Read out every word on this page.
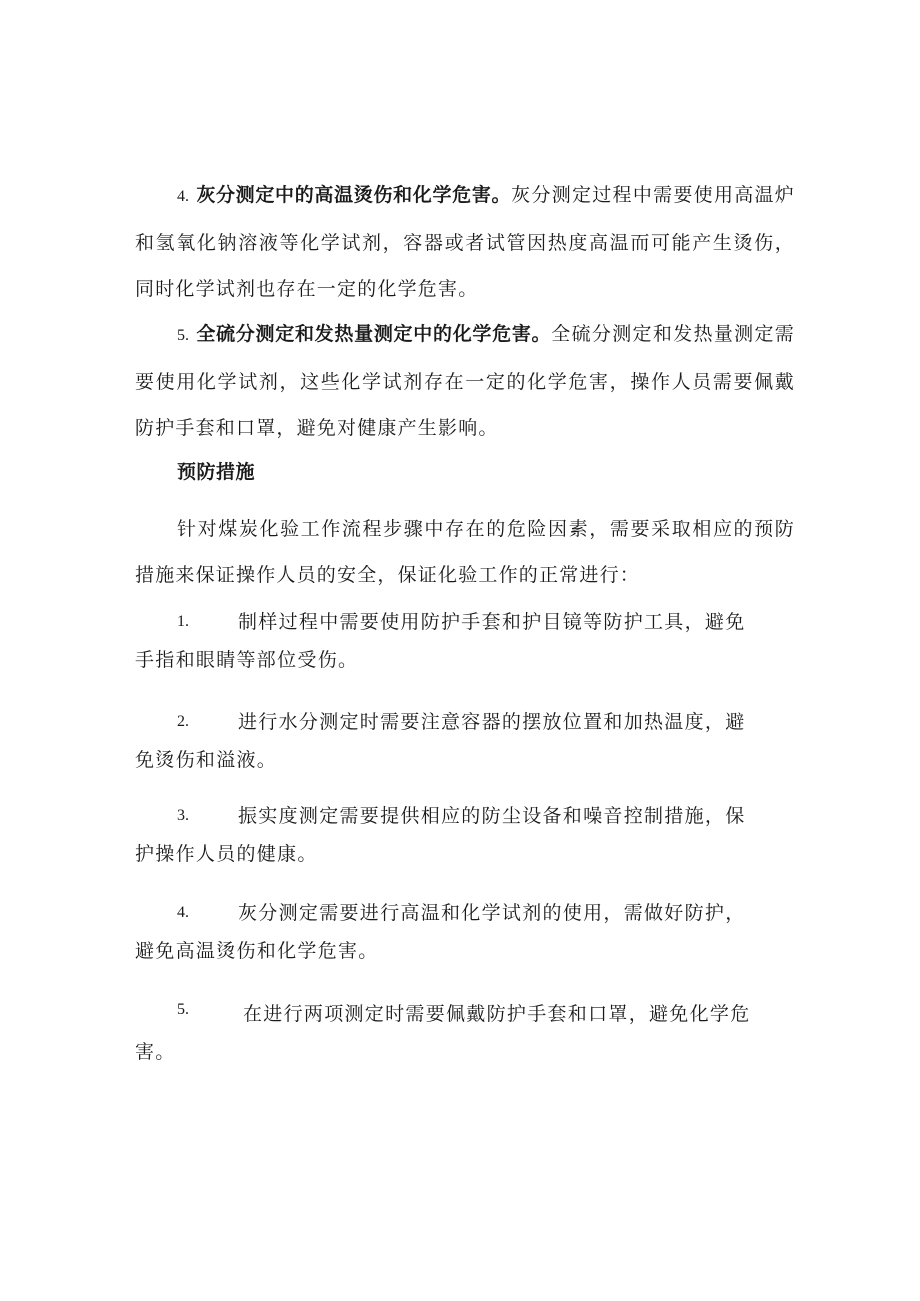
4. 灰分测定中的高温烫伤和化学危害。灰分测定过程中需要使用高温炉和氢氧化钠溶液等化学试剂，容器或者试管因热度高温而可能产生烫伤，同时化学试剂也存在一定的化学危害。

5. 全硫分测定和发热量测定中的化学危害。全硫分测定和发热量测定需要使用化学试剂，这些化学试剂存在一定的化学危害，操作人员需要佩戴防护手套和口罩，避免对健康产生影响。

预防措施

针对煤炭化验工作流程步骤中存在的危险因素，需要采取相应的预防措施来保证操作人员的安全，保证化验工作的正常进行：

1.	制样过程中需要使用防护手套和护目镜等防护工具，避免
手指和眼睛等部位受伤。
2.	进行水分测定时需要注意容器的摆放位置和加热温度，避
免烫伤和溢液。
3.	振实度测定需要提供相应的防尘设备和噪音控制措施，保
护操作人员的健康。
4.	灰分测定需要进行高温和化学试剂的使用，需做好防护，
避免高温烫伤和化学危害。
5.	在进行两项测定时需要佩戴防护手套和口罩，避免化学危
害。
